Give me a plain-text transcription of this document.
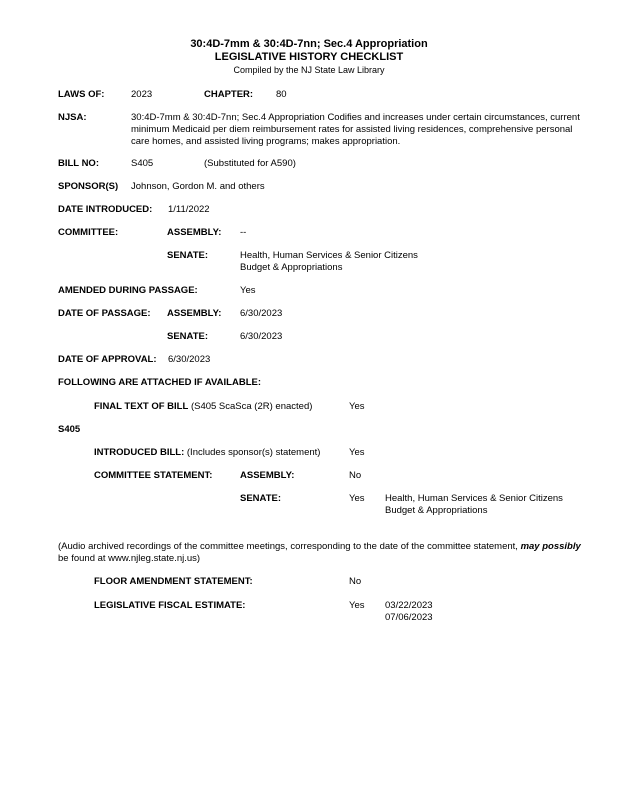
30:4D-7mm & 30:4D-7nn; Sec.4 Appropriation
LEGISLATIVE HISTORY CHECKLIST
Compiled by the NJ State Law Library
LAWS OF:	2023	CHAPTER: 80
NJSA:	30:4D-7mm & 30:4D-7nn; Sec.4 Appropriation Codifies and increases under certain circumstances, current
minimum Medicaid per diem reimbursement rates for assisted living residences, comprehensive personal
care homes, and assisted living programs; makes appropriation.
BILL NO:	S405	(Substituted for A590)
SPONSOR(S) Johnson, Gordon M. and others
DATE INTRODUCED: 1/11/2022
COMMITTEE:	ASSEMBLY: --
SENATE:	Health, Human Services & Senior Citizens
Budget & Appropriations
AMENDED DURING PASSAGE:	Yes
DATE OF PASSAGE: ASSEMBLY: 6/30/2023
SENATE:	6/30/2023
DATE OF APPROVAL: 6/30/2023
FOLLOWING ARE ATTACHED IF AVAILABLE:
FINAL TEXT OF BILL (S405 ScaSca (2R) enacted)	Yes
S405
INTRODUCED BILL: (Includes sponsor(s) statement)	Yes
COMMITTEE STATEMENT:	ASSEMBLY:	No
SENATE:	Yes Health, Human Services & Senior Citizens
Budget & Appropriations
(Audio archived recordings of the committee meetings, corresponding to the date of the committee statement, may possibly
be found at www.njleg.state.nj.us)
FLOOR AMENDMENT STATEMENT:	No
LEGISLATIVE FISCAL ESTIMATE:	Yes 03/22/2023
07/06/2023
